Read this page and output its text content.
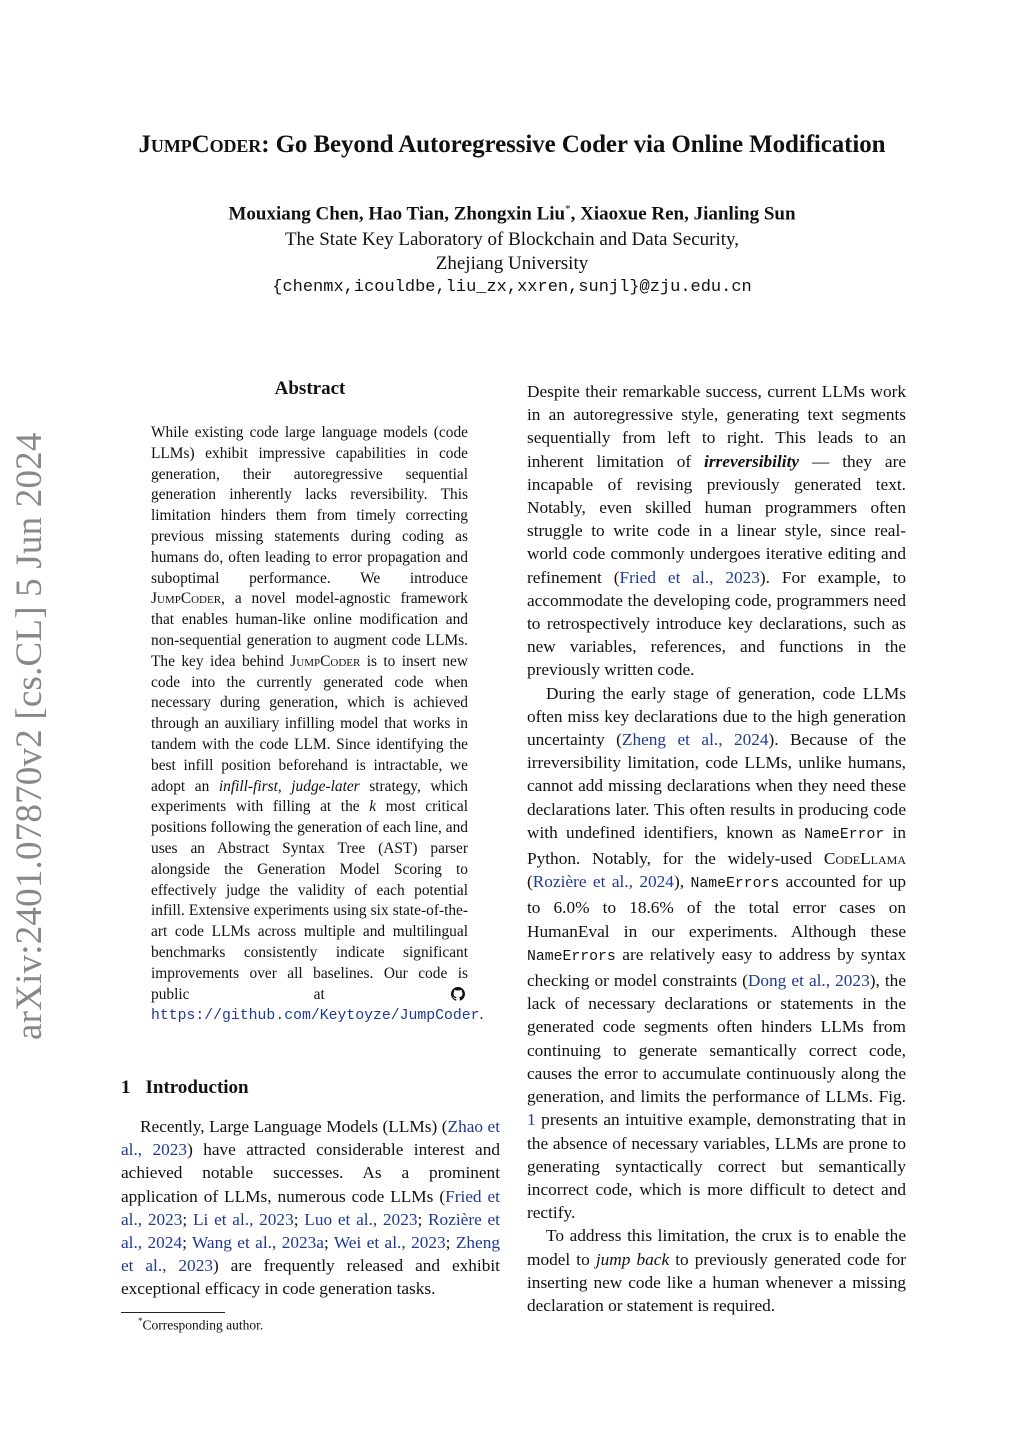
JumpCoder: Go Beyond Autoregressive Coder via Online Modification
Mouxiang Chen, Hao Tian, Zhongxin Liu*, Xiaoxue Ren, Jianling Sun
The State Key Laboratory of Blockchain and Data Security,
Zhejiang University
{chenmx,icouldbe,liu_zx,xxren,sunjl}@zju.edu.cn
arXiv:2401.07870v2 [cs.CL] 5 Jun 2024
Abstract

While existing code large language models (code LLMs) exhibit impressive capabilities in code generation, their autoregressive sequential generation inherently lacks reversibility. This limitation hinders them from timely correcting previous missing statements during coding as humans do, often leading to error propagation and suboptimal performance. We introduce JumpCoder, a novel model-agnostic framework that enables human-like online modification and non-sequential generation to augment code LLMs. The key idea behind JumpCoder is to insert new code into the currently generated code when necessary during generation, which is achieved through an auxiliary infilling model that works in tandem with the code LLM. Since identifying the best infill position beforehand is intractable, we adopt an infill-first, judge-later strategy, which experiments with filling at the k most critical positions following the generation of each line, and uses an Abstract Syntax Tree (AST) parser alongside the Generation Model Scoring to effectively judge the validity of each potential infill. Extensive experiments using six state-of-the-art code LLMs across multiple and multilingual benchmarks consistently indicate significant improvements over all baselines. Our code is public at https://github.com/Keytoyze/JumpCoder.

1 Introduction

Recently, Large Language Models (LLMs) (Zhao et al., 2023) have attracted considerable interest and achieved notable successes. As a prominent application of LLMs, numerous code LLMs (Fried et al., 2023; Li et al., 2023; Luo et al., 2023; Rozière et al., 2024; Wang et al., 2023a; Wei et al., 2023; Zheng et al., 2023) are frequently released and exhibit exceptional efficacy in code generation tasks.

*Corresponding author.

Despite their remarkable success, current LLMs work in an autoregressive style, generating text segments sequentially from left to right. This leads to an inherent limitation of irreversibility — they are incapable of revising previously generated text. Notably, even skilled human programmers often struggle to write code in a linear style, since real-world code commonly undergoes iterative editing and refinement (Fried et al., 2023). For example, to accommodate the developing code, programmers need to retrospectively introduce key declarations, such as new variables, references, and functions in the previously written code.

During the early stage of generation, code LLMs often miss key declarations due to the high generation uncertainty (Zheng et al., 2024). Because of the irreversibility limitation, code LLMs, unlike humans, cannot add missing declarations when they need these declarations later. This often results in producing code with undefined identifiers, known as NameError in Python. Notably, for the widely-used CodeLlama (Rozière et al., 2024), NameErrors accounted for up to 6.0% to 18.6% of the total error cases on HumanEval in our experiments. Although these NameErrors are relatively easy to address by syntax checking or model constraints (Dong et al., 2023), the lack of necessary declarations or statements in the generated code segments often hinders LLMs from continuing to generate semantically correct code, causes the error to accumulate continuously along the generation, and limits the performance of LLMs. Fig. 1 presents an intuitive example, demonstrating that in the absence of necessary variables, LLMs are prone to generating syntactically correct but semantically incorrect code, which is more difficult to detect and rectify.

To address this limitation, the crux is to enable the model to jump back to previously generated code for inserting new code like a human whenever a missing declaration or statement is required.
